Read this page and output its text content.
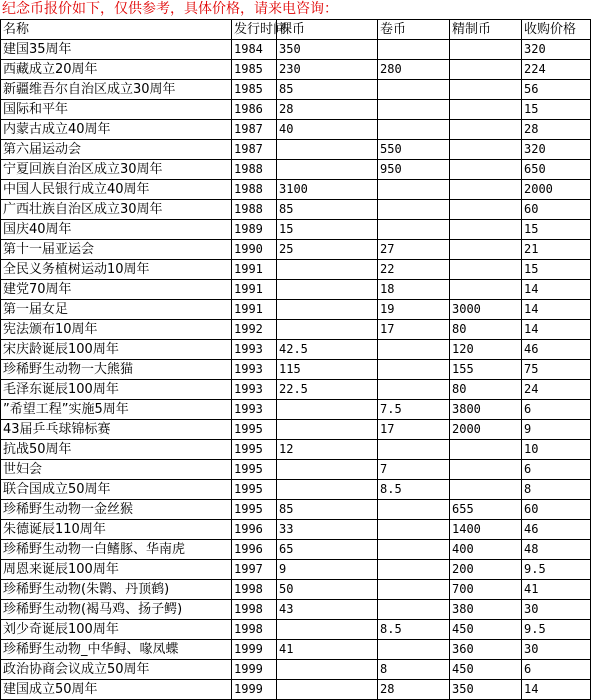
纪念币报价如下，仅供参考，具体价格，请来电咨询：
名称	发行时间	裸币	卷币	精制币	收购价格
建国35周年	1984	350			320
西藏成立20周年	1985	230	280		224
新疆维吾尔自治区成立30周年	1985	85			56
国际和平年	1986	28			15
内蒙古成立40周年	1987	40			28
第六届运动会	1987		550		320
宁夏回族自治区成立30周年	1988		950		650
中国人民银行成立40周年	1988	3100			2000
广西壮族自治区成立30周年	1988	85			60
国庆40周年	1989	15			15
第十一届亚运会	1990	25	27		21
全民义务植树运动10周年	1991		22		15
建党70周年	1991		18		14
第一届女足	1991		19	3000	14
宪法颁布10周年	1992		17	80	14
宋庆龄诞辰100周年	1993	42.5		120	46
珍稀野生动物一大熊猫	1993	115		155	75
毛泽东诞辰100周年	1993	22.5		80	24
”希望工程”实施5周年	1993		7.5	3800	6
43届乒乓球锦标赛	1995		17	2000	9
抗战50周年	1995	12			10
世妇会	1995		7		6
联合国成立50周年	1995		8.5		8
珍稀野生动物一金丝猴	1995	85		655	60
朱德诞辰110周年	1996	33		1400	46
珍稀野生动物一白鳍豚、华南虎	1996	65		400	48
周恩来诞辰100周年	1997	9		200	9.5
珍稀野生动物(朱鹮、丹顶鹤)	1998	50		700	41
珍稀野生动物(褐马鸡、扬子鳄)	1998	43		380	30
刘少奇诞辰100周年	1998		8.5	450	9.5
珍稀野生动物_中华鲟、喙凤蝶	1999	41		360	30
政治协商会议成立50周年	1999		8	450	6
建国成立50周年	1999		28	350	14
